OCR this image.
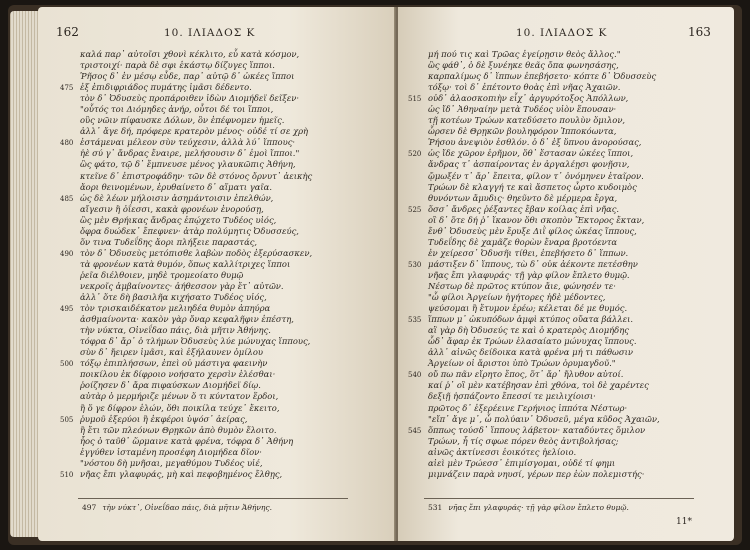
162	10. ΙΛΙΑΔΟΣ Κ
καλά παρ᾽ αὐτοῖσι χθονὶ κέκλιτο, εὖ κατὰ κόσμον,
τριστοιχί· παρὰ δὲ σφι ἑκάστῳ δίζυγες ἵπποι.
Ῥῆσος δ᾽ ἐν μέσῳ εὗδε, παρ᾽ αὐτῷ δ᾽ ὠκέες ἵπποι
475 ἐξ ἐπιδιφριάδος πυμάτης ἱμᾶσι δέδεντο.
τὸν δ᾽ Ὀδυσεὺς προπάροιθεν ἰδὼν Διομήδεϊ δεῖξεν·
"οὗτός τοι Διόμηδες ἀνήρ, οὗτοι δέ τοι ἵπποι,
οὓς νῶιν πίφαυσκε Δόλων, ὃν ἐπέφνομεν ἡμεῖς.
ἀλλ᾽ ἄγε δή, πρόφερε κρατερὸν μένος· οὐδέ τί σε χρὴ
480 ἑστάμεναι μέλεον σὺν τεύχεσιν, ἀλλὰ λύ᾽ ἵππους·
ἠὲ σύ γ᾽ ἄνδρας ἔναιρε, μελήσουσιν δ᾽ ἐμοὶ ἵπποι."
ὣς φάτο, τῷ δ᾽ ἔμπνευσε μένος γλαυκῶπις Ἀθήνη,
κτεῖνε δ᾽ ἐπιστροφάδην· τῶν δὲ στόνος ὄρνυτ᾽ ἀεικὴς
ἄορι θεινομένων, ἐρυθαίνετο δ᾽ αἵματι γαῖα.
485 ὡς δὲ λέων μήλοισιν ἀσημάντοισιν ἐπελθών,
αἴγεσιν ἢ ὀΐεσσι, κακὰ φρονέων ἐνορούσῃ,
ὣς μὲν Θρήικας ἄνδρας ἐπῴχετο Τυδέος υἱός,
ὄφρα δυώδεκ᾽ ἔπεφνεν· ἀτὰρ πολύμητις Ὀδυσσεύς,
ὅν τινα Τυδεΐδης ἄορι πλήξειε παραστάς,
490 τὸν δ᾽ Ὀδυσεὺς μετόπισθε λαβὼν ποδὸς ἐξερύσασκεν,
τὰ φρονέων κατὰ θυμόν, ὅπως καλλίτριχες ἵπποι
ῥεῖα διέλθοιεν, μηδὲ τρομεοίατο θυμῷ
νεκροῖς ἀμβαίνοντες· ἀήθεσσον γὰρ ἔτ᾽ αὐτῶν.
ἀλλ᾽ ὅτε δὴ βασιλῆα κιχήσατο Τυδέος υἱός,
495 τὸν τρισκαιδέκατον μελιηδέα θυμὸν ἀπηύρα
ἀσθμαίνοντα· κακὸν γὰρ ὄναρ κεφαλῆφιν ἐπέστη,
τὴν νύκτα, Οἰνεΐδαο πάις, διὰ μῆτιν Ἀθήνης.
τόφρα δ᾽ ἄρ᾽ ὁ τλήμων Ὀδυσεὺς λύε μώνυχας ἵππους,
σὺν δ᾽ ἤειρεν ἱμᾶσι, καὶ ἐξήλαυνεν ὁμίλου
500 τόξῳ ἐπιπλήσσων, ἐπεὶ οὐ μάστιγα φαεινὴν
ποικίλου ἐκ δίφροιο νοήσατο χερσὶν ἑλέσθαι·
ῥοίζησεν δ᾽ ἄρα πιφαύσκων Διομήδεϊ δίῳ.
αὐτὰρ ὁ μερμήριζε μένων ὅ τι κύντατον ἕρδοι,
ἢ ὅ γε δίφρον ἑλών, ὅθι ποικίλα τεύχε᾽ ἔκειτο,
505 ῥυμοῦ ἐξερύοι ἢ ἐκφέροι ὑψόσ᾽ ἀείρας,
ἢ ἔτι τῶν πλεόνων Θρῃκῶν ἀπὸ θυμὸν ἕλοιτο.
ἧος ὁ ταῦθ᾽ ὥρμαινε κατὰ φρένα, τόφρα δ᾽ Ἀθήνη
ἐγγύθεν ἱσταμένη προσέφη Διομήδεα δῖον·
"νόστου δὴ μνῆσαι, μεγαθύμου Τυδέος υἱέ,
510 νῆας ἔπι γλαφυράς, μὴ καὶ πεφοβημένος ἔλθῃς,
497 τὴν νύκτ᾽, Οἰνεΐδαο πάις, διὰ μῆτιν Ἀθήνης.
10. ΙΛΙΑΔΟΣ Κ	163
μή πού τις καὶ Τρῶας ἐγείρῃσιν θεὸς ἄλλος."
ὣς φάθ᾽, ὁ δὲ ξυνέηκε θεᾶς ὄπα φωνησάσης,
καρπαλίμως δ᾽ ἵππων ἐπεβήσετο· κόπτε δ᾽ Ὀδυσσεὺς
τόξῳ· τοὶ δ᾽ ἐπέτοντο θοὰς ἐπὶ νῆας Ἀχαιῶν.
515 οὐδ᾽ ἀλαοσκοπιὴν εἶχ᾽ ἀργυρότοξος Ἀπόλλων,
ὡς ἴδ᾽ Ἀθηναίην μετὰ Τυδέος υἱὸν ἕπουσαν·
τῇ κοτέων Τρώων κατεδύσετο πουλὺν ὅμιλον,
ὦρσεν δὲ Θρῃκῶν βουληφόρον Ἱπποκόωντα,
Ῥήσου ἀνεψιὸν ἐσθλόν. ὁ δ᾽ ἐξ ὕπνου ἀνορούσας,
520 ὡς ἴδε χῶρον ἐρῆμον, ὅθ᾽ ἕστασαν ὠκέες ἵπποι,
ἄνδρας τ᾽ ἀσπαίροντας ἐν ἀργαλέῃσι φονῇσιν,
ᾤμωξέν τ᾽ ἄρ᾽ ἔπειτα, φίλον τ᾽ ὀνόμηνεν ἑταῖρον.
Τρώων δὲ κλαγγή τε καὶ ἄσπετος ὦρτο κυδοιμὸς
θυνόντων ἄμυδις· θηεῦντο δὲ μέρμερα ἔργα,
525 ὅσσ᾽ ἄνδρες ῥέξαντες ἔβαν κοίλας ἐπὶ νῆας.
οἳ δ᾽ ὅτε δή ῥ᾽ ἵκανον ὅθι σκοπὸν Ἕκτορος ἔκταν,
ἔνθ᾽ Ὀδυσεὺς μὲν ἔρυξε Διῒ φίλος ὠκέας ἵππους,
Τυδεΐδης δὲ χαμᾶζε θορὼν ἔναρα βροτόεντα
ἐν χείρεσσ᾽ Ὀδυσῆι τίθει, ἐπεβήσετο δ᾽ ἵππων.
530 μάστιξεν δ᾽ ἵππους, τὼ δ᾽ οὐκ ἀέκοντε πετέσθην
νῆας ἔπι γλαφυράς· τῇ γὰρ φίλον ἔπλετο θυμῷ.
Νέστωρ δὲ πρῶτος κτύπον ἄιε, φώνησέν τε·
"ὦ φίλοι Ἀργείων ἡγήτορες ἠδὲ μέδοντες,
ψεύσομαι ἢ ἔτυμον ἐρέω; κέλεται δέ με θυμός.
535 ἵππων μ᾽ ὠκυπόδων ἀμφὶ κτύπος οὔατα βάλλει.
αἳ γὰρ δὴ Ὀδυσεύς τε καὶ ὁ κρατερὸς Διομήδης
ὧδ᾽ ἄφαρ ἐκ Τρώων ἐλασαίατο μώνυχας ἵππους.
ἀλλ᾽ αἰνῶς δείδοικα κατὰ φρένα μή τι πάθωσιν
Ἀργείων οἱ ἄριστοι ὑπὸ Τρώων ὀρυμαγδοῦ."
540 οὔ πω πᾶν εἴρητο ἔπος, ὅτ᾽ ἄρ᾽ ἤλυθον αὐτοί.
καί ῥ᾽ οἳ μὲν κατέβησαν ἐπὶ χθόνα, τοὶ δὲ χαρέντες
δεξιῇ ἠσπάζοντο ἔπεσσί τε μειλιχίοισι·
πρῶτος δ᾽ ἐξερέεινε Γερήνιος ἱππότα Νέστωρ·
"εἴπ᾽ ἄγε μ᾽, ὦ πολύαιν᾽ Ὀδυσεῦ, μέγα κῦδος Ἀχαιῶν,
545 ὅππως τούσδ᾽ ἵππους λάβετον· καταδύντες ὅμιλον
Τρώων, ἦ τίς σφωε πόρεν θεὸς ἀντιβολήσας;
αἰνῶς ἀκτίνεσσι ἐοικότες ἠελίοιο.
αἰεὶ μὲν Τρώεσσ᾽ ἐπιμίσγομαι, οὐδέ τί φημι
μιμνάζειν παρὰ νηυσί, γέρων περ ἐὼν πολεμιστής·
531 νῆας ἔπι γλαφυράς· τῇ γὰρ φίλον ἔπλετο θυμῷ.
11*
